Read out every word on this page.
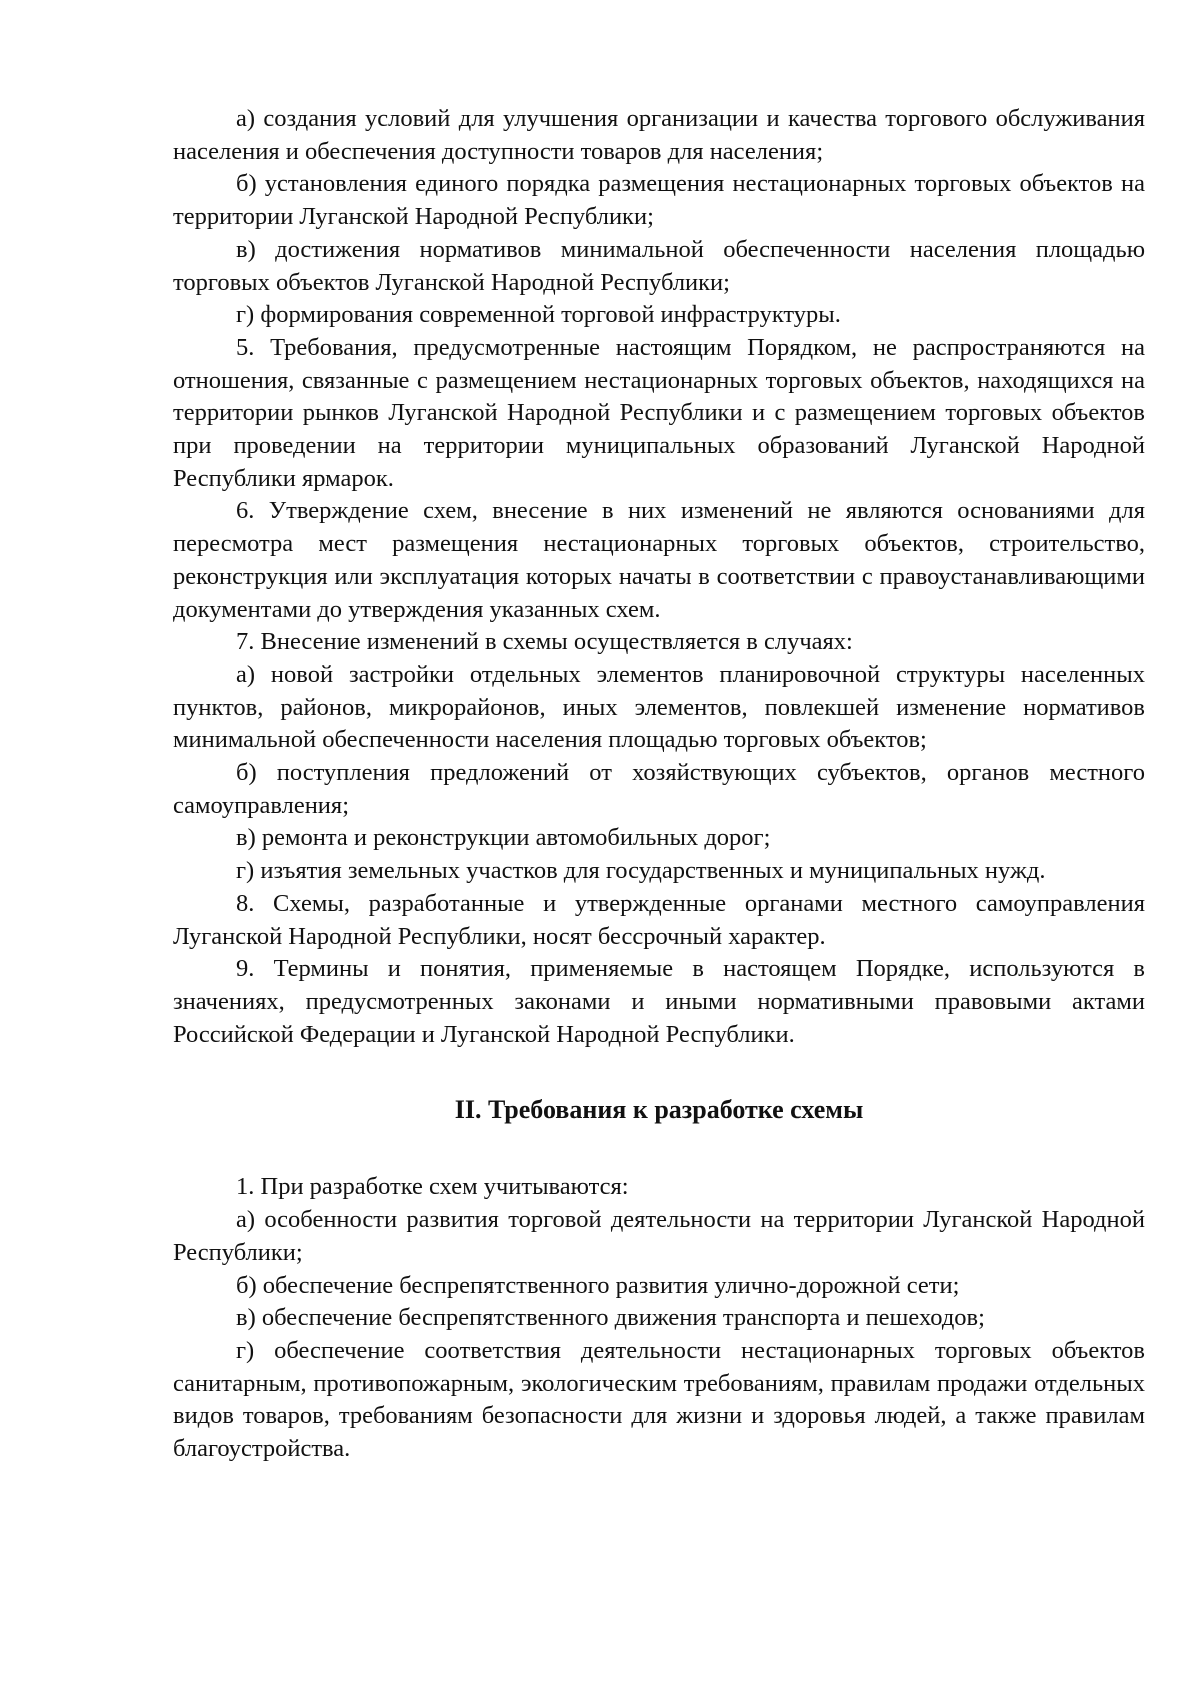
а) создания условий для улучшения организации и качества торгового обслуживания населения и обеспечения доступности товаров для населения;

б) установления единого порядка размещения нестационарных торговых объектов на территории Луганской Народной Республики;

в) достижения нормативов минимальной обеспеченности населения площадью торговых объектов Луганской Народной Республики;

г) формирования современной торговой инфраструктуры.

5. Требования, предусмотренные настоящим Порядком, не распространяются на отношения, связанные с размещением нестационарных торговых объектов, находящихся на территории рынков Луганской Народной Республики и с размещением торговых объектов при проведении на территории муниципальных образований Луганской Народной Республики ярмарок.

6. Утверждение схем, внесение в них изменений не являются основаниями для пересмотра мест размещения нестационарных торговых объектов, строительство, реконструкция или эксплуатация которых начаты в соответствии с правоустанавливающими документами до утверждения указанных схем.

7. Внесение изменений в схемы осуществляется в случаях:

а) новой застройки отдельных элементов планировочной структуры населенных пунктов, районов, микрорайонов, иных элементов, повлекшей изменение нормативов минимальной обеспеченности населения площадью торговых объектов;

б) поступления предложений от хозяйствующих субъектов, органов местного самоуправления;

в) ремонта и реконструкции автомобильных дорог;

г) изъятия земельных участков для государственных и муниципальных нужд.

8. Схемы, разработанные и утвержденные органами местного самоуправления Луганской Народной Республики, носят бессрочный характер.

9. Термины и понятия, применяемые в настоящем Порядке, используются в значениях, предусмотренных законами и иными нормативными правовыми актами Российской Федерации и Луганской Народной Республики.

II. Требования к разработке схемы

1. При разработке схем учитываются:

а) особенности развития торговой деятельности на территории Луганской Народной Республики;

б) обеспечение беспрепятственного развития улично-дорожной сети;

в) обеспечение беспрепятственного движения транспорта и пешеходов;

г) обеспечение соответствия деятельности нестационарных торговых объектов санитарным, противопожарным, экологическим требованиям, правилам продажи отдельных видов товаров, требованиям безопасности для жизни и здоровья людей, а также правилам благоустройства.
